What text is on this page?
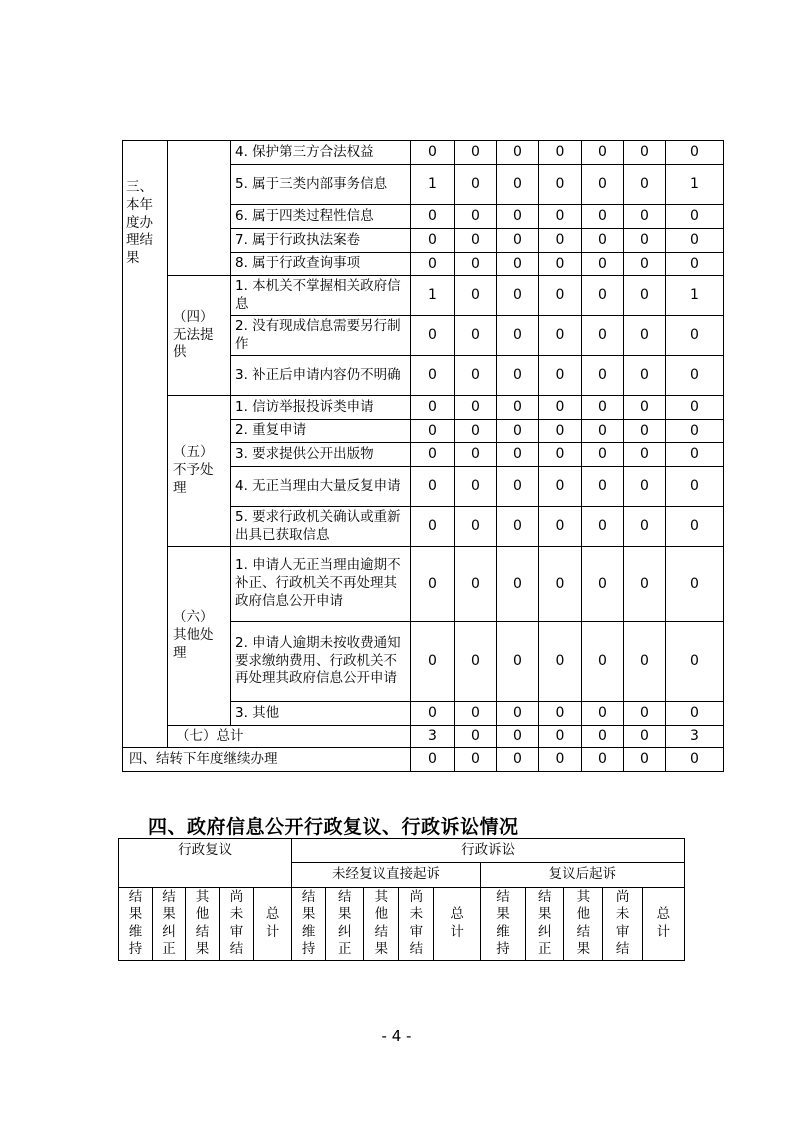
三、
本年度办理结果		4. 保护第三方合法权益	0	0	0	0	0	0	0
		5. 属于三类内部事务信息	1	0	0	0	0	0	1
		6. 属于四类过程性信息	0	0	0	0	0	0	0
		7. 属于行政执法案卷	0	0	0	0	0	0	0
		8. 属于行政查询事项	0	0	0	0	0	0	0
	（四）无法提供	1. 本机关不掌握相关政府信息	1	0	0	0	0	0	1
		2. 没有现成信息需要另行制作	0	0	0	0	0	0	0
		3. 补正后申请内容仍不明确	0	0	0	0	0	0	0
	（五）不予处理	1. 信访举报投诉类申请	0	0	0	0	0	0	0
		2. 重复申请	0	0	0	0	0	0	0
		3. 要求提供公开出版物	0	0	0	0	0	0	0
		4. 无正当理由大量反复申请	0	0	0	0	0	0	0
		5. 要求行政机关确认或重新出具已获取信息	0	0	0	0	0	0	0
	（六）其他处理	1. 申请人无正当理由逾期不补正、行政机关不再处理其政府信息公开申请	0	0	0	0	0	0	0
		2. 申请人逾期未按收费通知要求缴纳费用、行政机关不再处理其政府信息公开申请	0	0	0	0	0	0	0
		3. 其他	0	0	0	0	0	0	0
	（七）总计		3	0	0	0	0	0	3
四、结转下年度继续办理			0	0	0	0	0	0	0
四、政府信息公开行政复议、行政诉讼情况
行政复议					行政诉讼									
					未经复议直接起诉					复议后起诉				
结果维持	结果纠正	其他结果	尚未审结	总计	结果维持	结果纠正	其他结果	尚未审结	总计	结果维持	结果纠正	其他结果	尚未审结	总计
- 4 -
